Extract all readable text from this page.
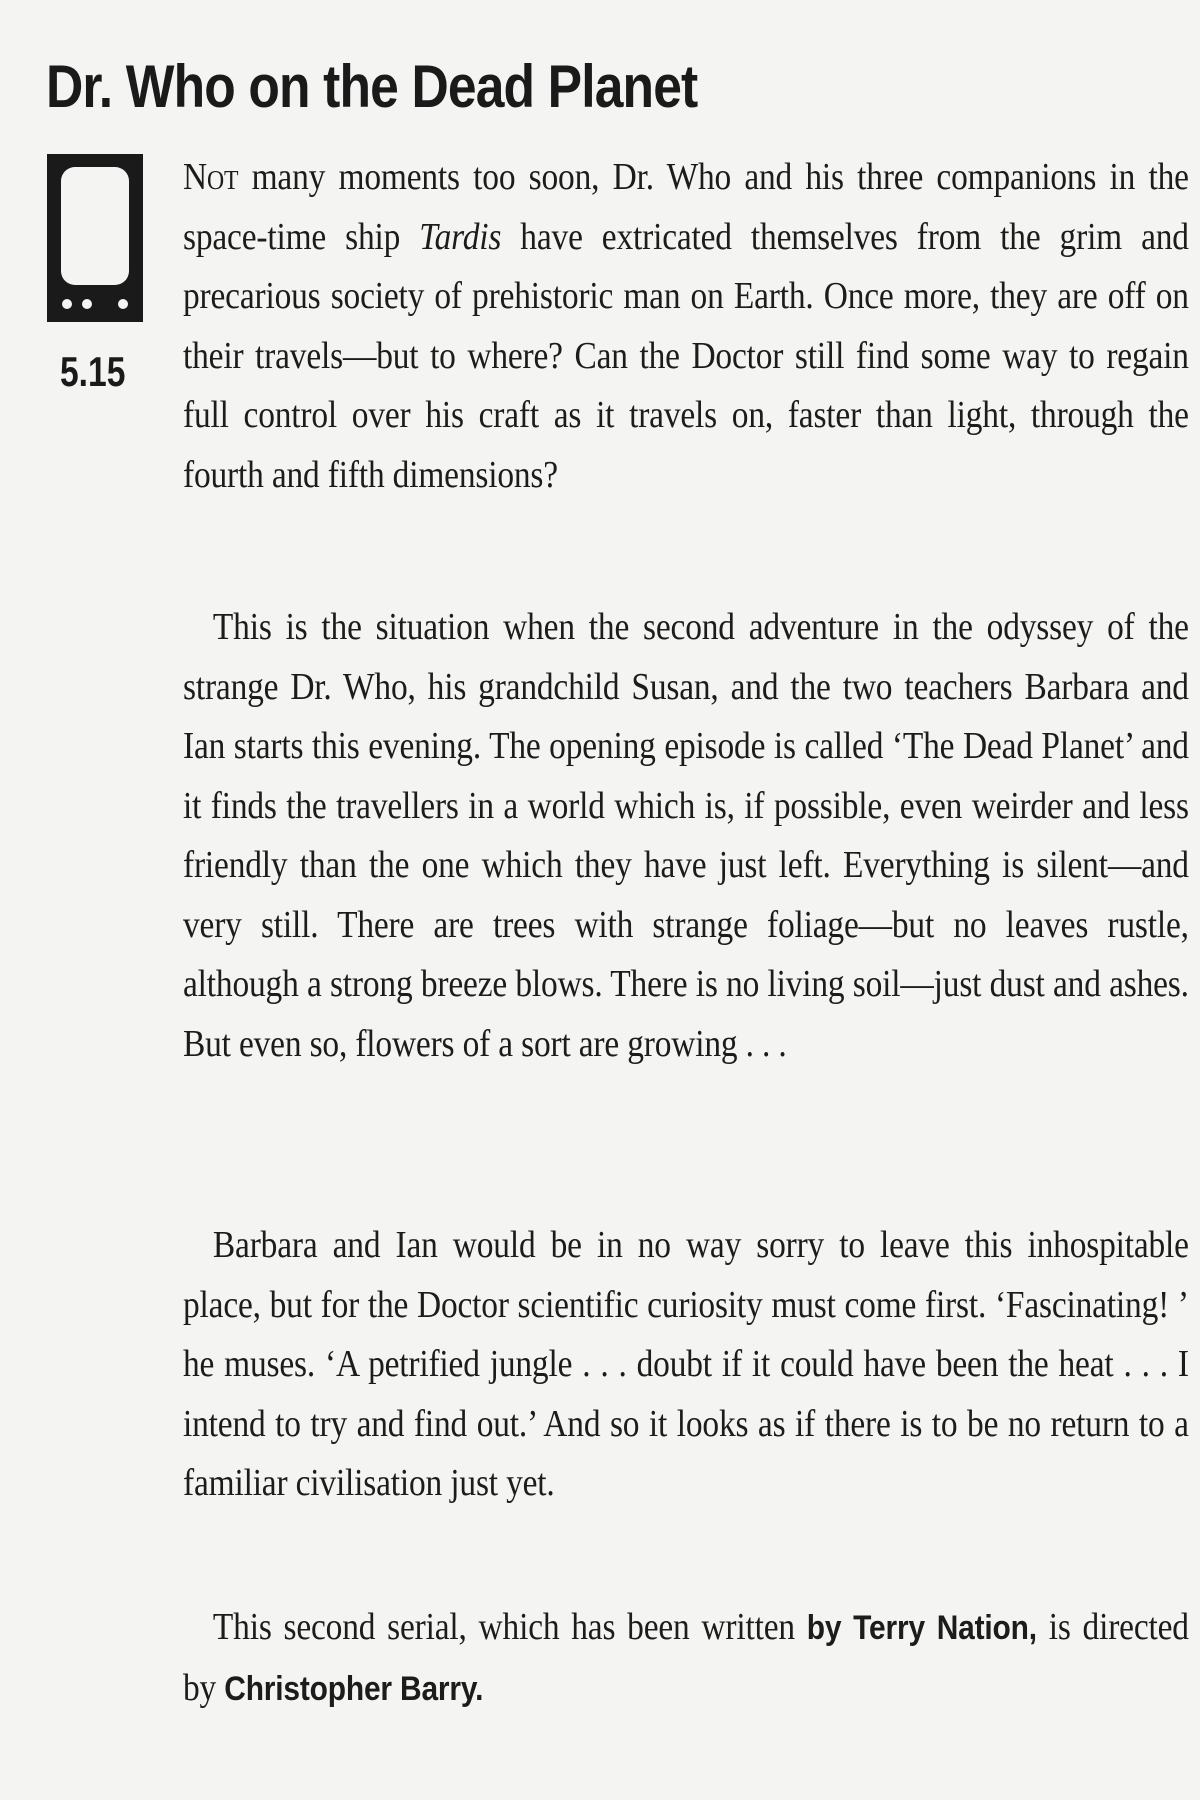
Dr. Who on the Dead Planet
5.15

Not many moments too soon, Dr. Who and his three companions in the space-time ship Tardis have extricated themselves from the grim and precarious society of prehistoric man on Earth. Once more, they are off on their travels—but to where? Can the Doctor still find some way to regain full control over his craft as it travels on, faster than light, through the fourth and fifth dimensions?

This is the situation when the second adventure in the odyssey of the strange Dr. Who, his grandchild Susan, and the two teachers Barbara and Ian starts this evening. The opening episode is called ‘The Dead Planet’ and it finds the travellers in a world which is, if possible, even weirder and less friendly than the one which they have just left. Everything is silent—and very still. There are trees with strange foliage—but no leaves rustle, although a strong breeze blows. There is no living soil—just dust and ashes. But even so, flowers of a sort are growing . . .

Barbara and Ian would be in no way sorry to leave this inhospitable place, but for the Doctor scientific curiosity must come first. ‘Fascinating! ’ he muses. ‘A petrified jungle . . . doubt if it could have been the heat . . . I intend to try and find out.’ And so it looks as if there is to be no return to a familiar civilisation just yet.

This second serial, which has been written by Terry Nation, is directed by Christopher Barry.
